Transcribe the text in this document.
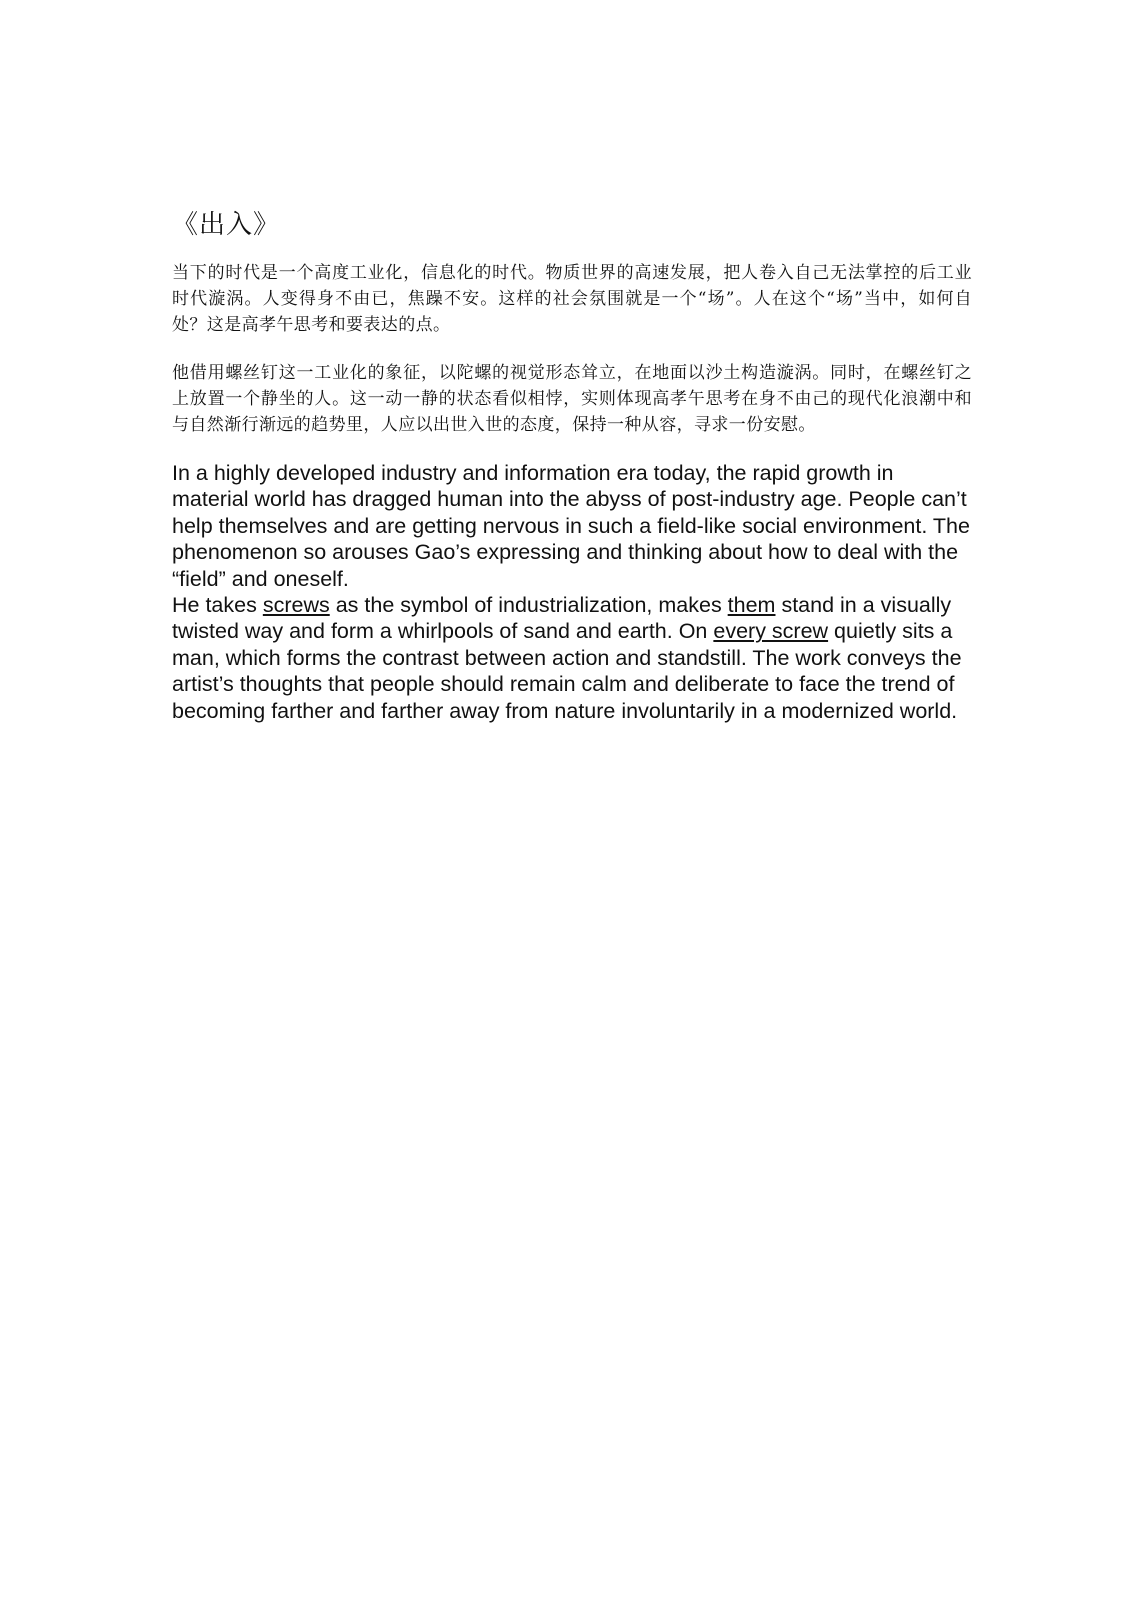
《出入》

当下的时代是一个高度工业化，信息化的时代。物质世界的高速发展，把人卷入自己无法掌控的后工业时代漩涡。人变得身不由已，焦躁不安。这样的社会氛围就是一个“场”。人在这个“场”当中，如何自处？这是高孝午思考和要表达的点。

他借用螺丝钉这一工业化的象征，以陀螺的视觉形态耸立，在地面以沙土构造漩涡。同时，在螺丝钉之上放置一个静坐的人。这一动一静的状态看似相悖，实则体现高孝午思考在身不由己的现代化浪潮中和与自然渐行渐远的趋势里，人应以出世入世的态度，保持一种从容，寻求一份安慰。

In a highly developed industry and information era today, the rapid growth in material world has dragged human into the abyss of post-industry age. People can’t help themselves and are getting nervous in such a field-like social environment. The phenomenon so arouses Gao’s expressing and thinking about how to deal with the “field” and oneself.

He takes screws as the symbol of industrialization, makes them stand in a visually twisted way and form a whirlpools of sand and earth. On every screw quietly sits a man, which forms the contrast between action and standstill. The work conveys the artist’s thoughts that people should remain calm and deliberate to face the trend of becoming farther and farther away from nature involuntarily in a modernized world.
